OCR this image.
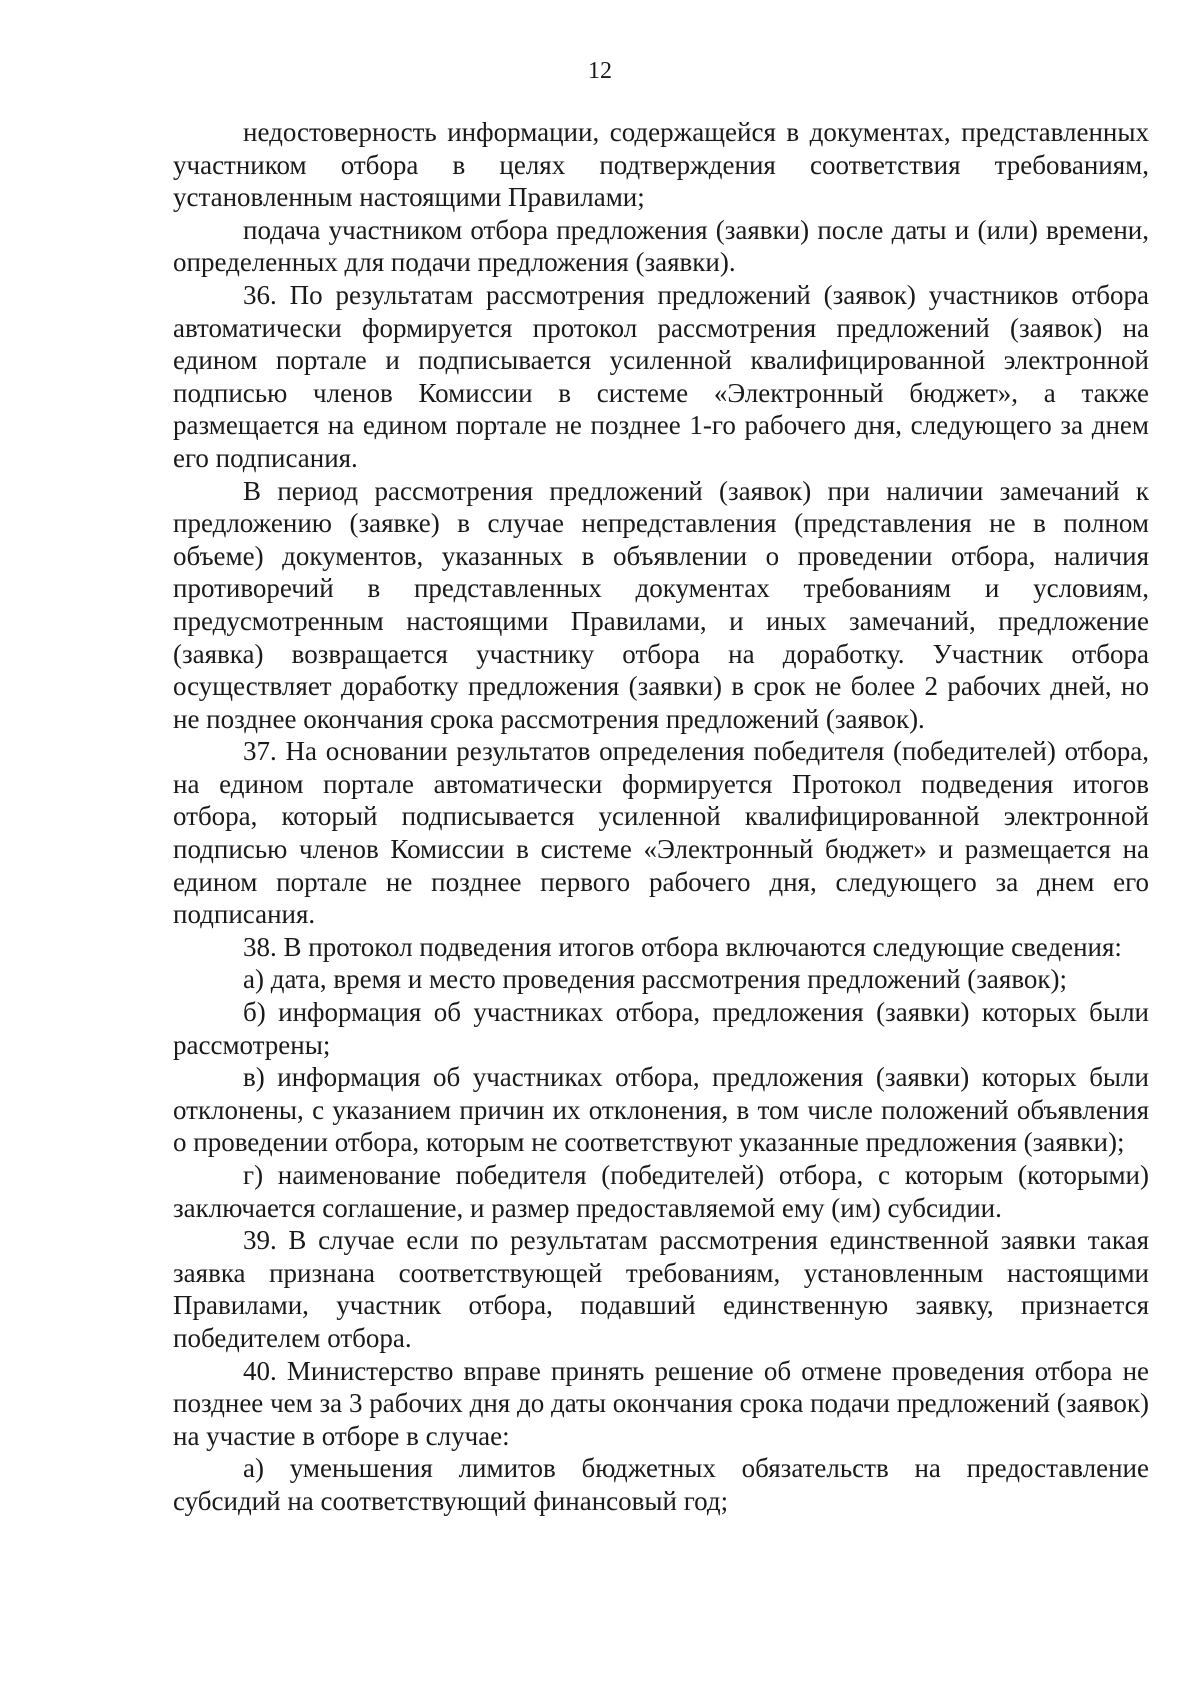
12

недостоверность информации, содержащейся в документах, представленных участником отбора в целях подтверждения соответствия требованиям, установленным настоящими Правилами;

подача участником отбора предложения (заявки) после даты и (или) времени, определенных для подачи предложения (заявки).

36. По результатам рассмотрения предложений (заявок) участников отбора автоматически формируется протокол рассмотрения предложений (заявок) на едином портале и подписывается усиленной квалифицированной электронной подписью членов Комиссии в системе «Электронный бюджет», а также размещается на едином портале не позднее 1-го рабочего дня, следующего за днем его подписания.

В период рассмотрения предложений (заявок) при наличии замечаний к предложению (заявке) в случае непредставления (представления не в полном объеме) документов, указанных в объявлении о проведении отбора, наличия противоречий в представленных документах требованиям и условиям, предусмотренным настоящими Правилами, и иных замечаний, предложение (заявка) возвращается участнику отбора на доработку. Участник отбора осуществляет доработку предложения (заявки) в срок не более 2 рабочих дней, но не позднее окончания срока рассмотрения предложений (заявок).

37. На основании результатов определения победителя (победителей) отбора, на едином портале автоматически формируется Протокол подведения итогов отбора, который подписывается усиленной квалифицированной электронной подписью членов Комиссии в системе «Электронный бюджет» и размещается на едином портале не позднее первого рабочего дня, следующего за днем его подписания.

38. В протокол подведения итогов отбора включаются следующие сведения:

а) дата, время и место проведения рассмотрения предложений (заявок);

б) информация об участниках отбора, предложения (заявки) которых были рассмотрены;

в) информация об участниках отбора, предложения (заявки) которых были отклонены, с указанием причин их отклонения, в том числе положений объявления о проведении отбора, которым не соответствуют указанные предложения (заявки);

г) наименование победителя (победителей) отбора, с которым (которыми) заключается соглашение, и размер предоставляемой ему (им) субсидии.

39. В случае если по результатам рассмотрения единственной заявки такая заявка признана соответствующей требованиям, установленным настоящими Правилами, участник отбора, подавший единственную заявку, признается победителем отбора.

40. Министерство вправе принять решение об отмене проведения отбора не позднее чем за 3 рабочих дня до даты окончания срока подачи предложений (заявок) на участие в отборе в случае:

а) уменьшения лимитов бюджетных обязательств на предоставление субсидий на соответствующий финансовый год;
